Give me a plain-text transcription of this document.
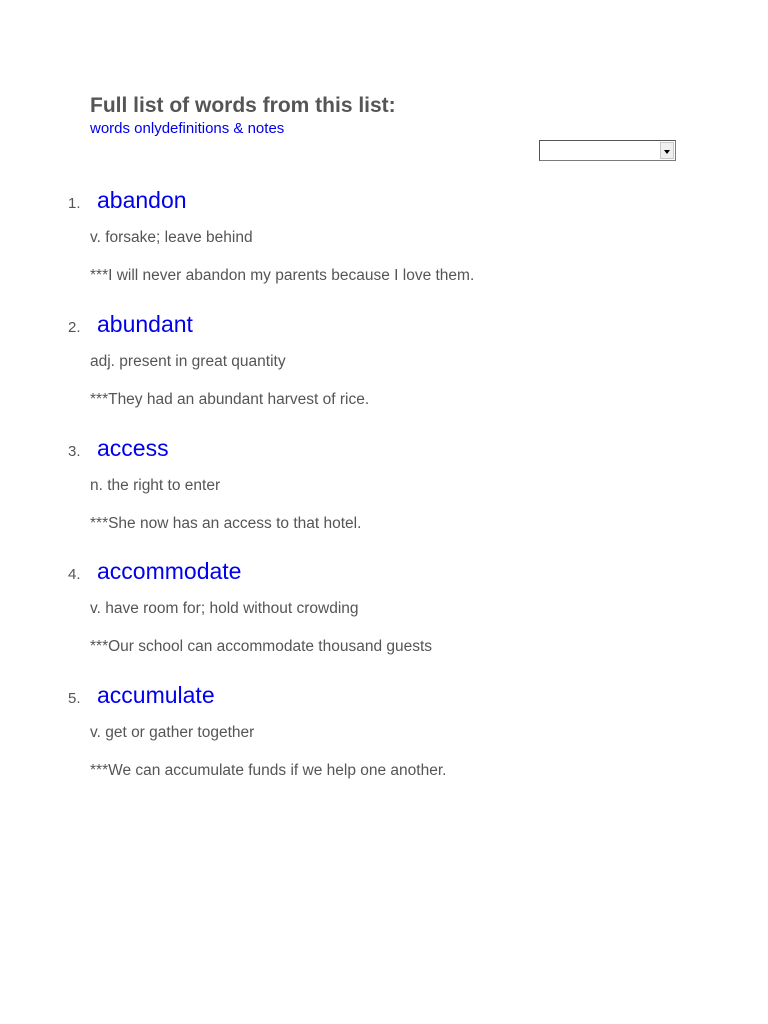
Full list of words from this list:
words onlydefinitions & notes
1. abandon
v. forsake; leave behind
***I will never abandon my parents because I love them.
2. abundant
adj. present in great quantity
***They had an abundant harvest of rice.
3. access
n. the right to enter
***She now has an access to that hotel.
4. accommodate
v. have room for; hold without crowding
***Our school can accommodate thousand guests
5. accumulate
v. get or gather together
***We can accumulate funds if we help one another.
